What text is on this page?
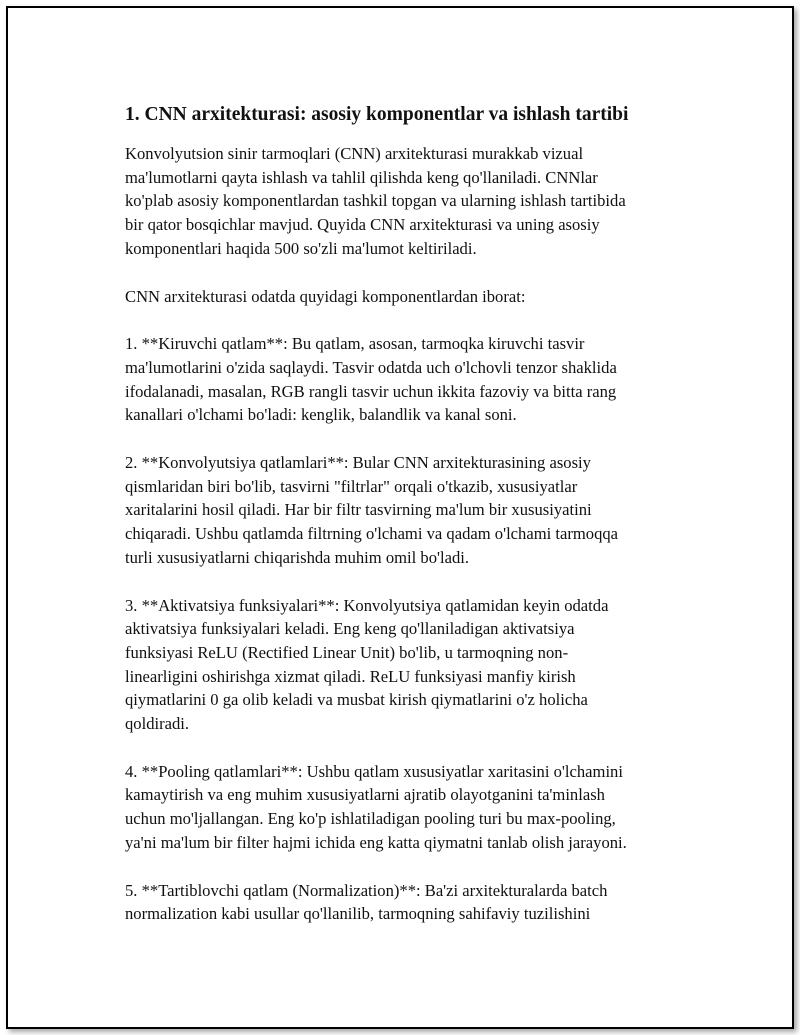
1. CNN arxitekturasi: asosiy komponentlar va ishlash tartibi
Konvolyutsion sinir tarmoqlari (CNN) arxitekturasi murakkab vizual
ma'lumotlarni qayta ishlash va tahlil qilishda keng qo'llaniladi. CNNlar
ko'plab asosiy komponentlardan tashkil topgan va ularning ishlash tartibida
bir qator bosqichlar mavjud. Quyida CNN arxitekturasi va uning asosiy
komponentlari haqida 500 so'zli ma'lumot keltiriladi.
CNN arxitekturasi odatda quyidagi komponentlardan iborat:
1. **Kiruvchi qatlam**: Bu qatlam, asosan, tarmoqka kiruvchi tasvir
ma'lumotlarini o'zida saqlaydi. Tasvir odatda uch o'lchovli tenzor shaklida
ifodalanadi, masalan, RGB rangli tasvir uchun ikkita fazoviy va bitta rang
kanallari o'lchami bo'ladi: kenglik, balandlik va kanal soni.
2. **Konvolyutsiya qatlamlari**: Bular CNN arxitekturasining asosiy
qismlaridan biri bo'lib, tasvirni "filtrlar" orqali o'tkazib, xususiyatlar
xaritalarini hosil qiladi. Har bir filtr tasvirning ma'lum bir xususiyatini
chiqaradi. Ushbu qatlamda filtrning o'lchami va qadam o'lchami tarmoqqa
turli xususiyatlarni chiqarishda muhim omil bo'ladi.
3. **Aktivatsiya funksiyalari**: Konvolyutsiya qatlamidan keyin odatda
aktivatsiya funksiyalari keladi. Eng keng qo'llaniladigan aktivatsiya
funksiyasi ReLU (Rectified Linear Unit) bo'lib, u tarmoqning non-
linearligini oshirishga xizmat qiladi. ReLU funksiyasi manfiy kirish
qiymatlarini 0 ga olib keladi va musbat kirish qiymatlarini o'z holicha
qoldiradi.
4. **Pooling qatlamlari**: Ushbu qatlam xususiyatlar xaritasini o'lchamini
kamaytirish va eng muhim xususiyatlarni ajratib olayotganini ta'minlash
uchun mo'ljallangan. Eng ko'p ishlatiladigan pooling turi bu max-pooling,
ya'ni ma'lum bir filter hajmi ichida eng katta qiymatni tanlab olish jarayoni.
5. **Tartiblovchi qatlam (Normalization)**: Ba'zi arxitekturalarda batch
normalization kabi usullar qo'llanilib, tarmoqning sahifaviy tuzilishini
